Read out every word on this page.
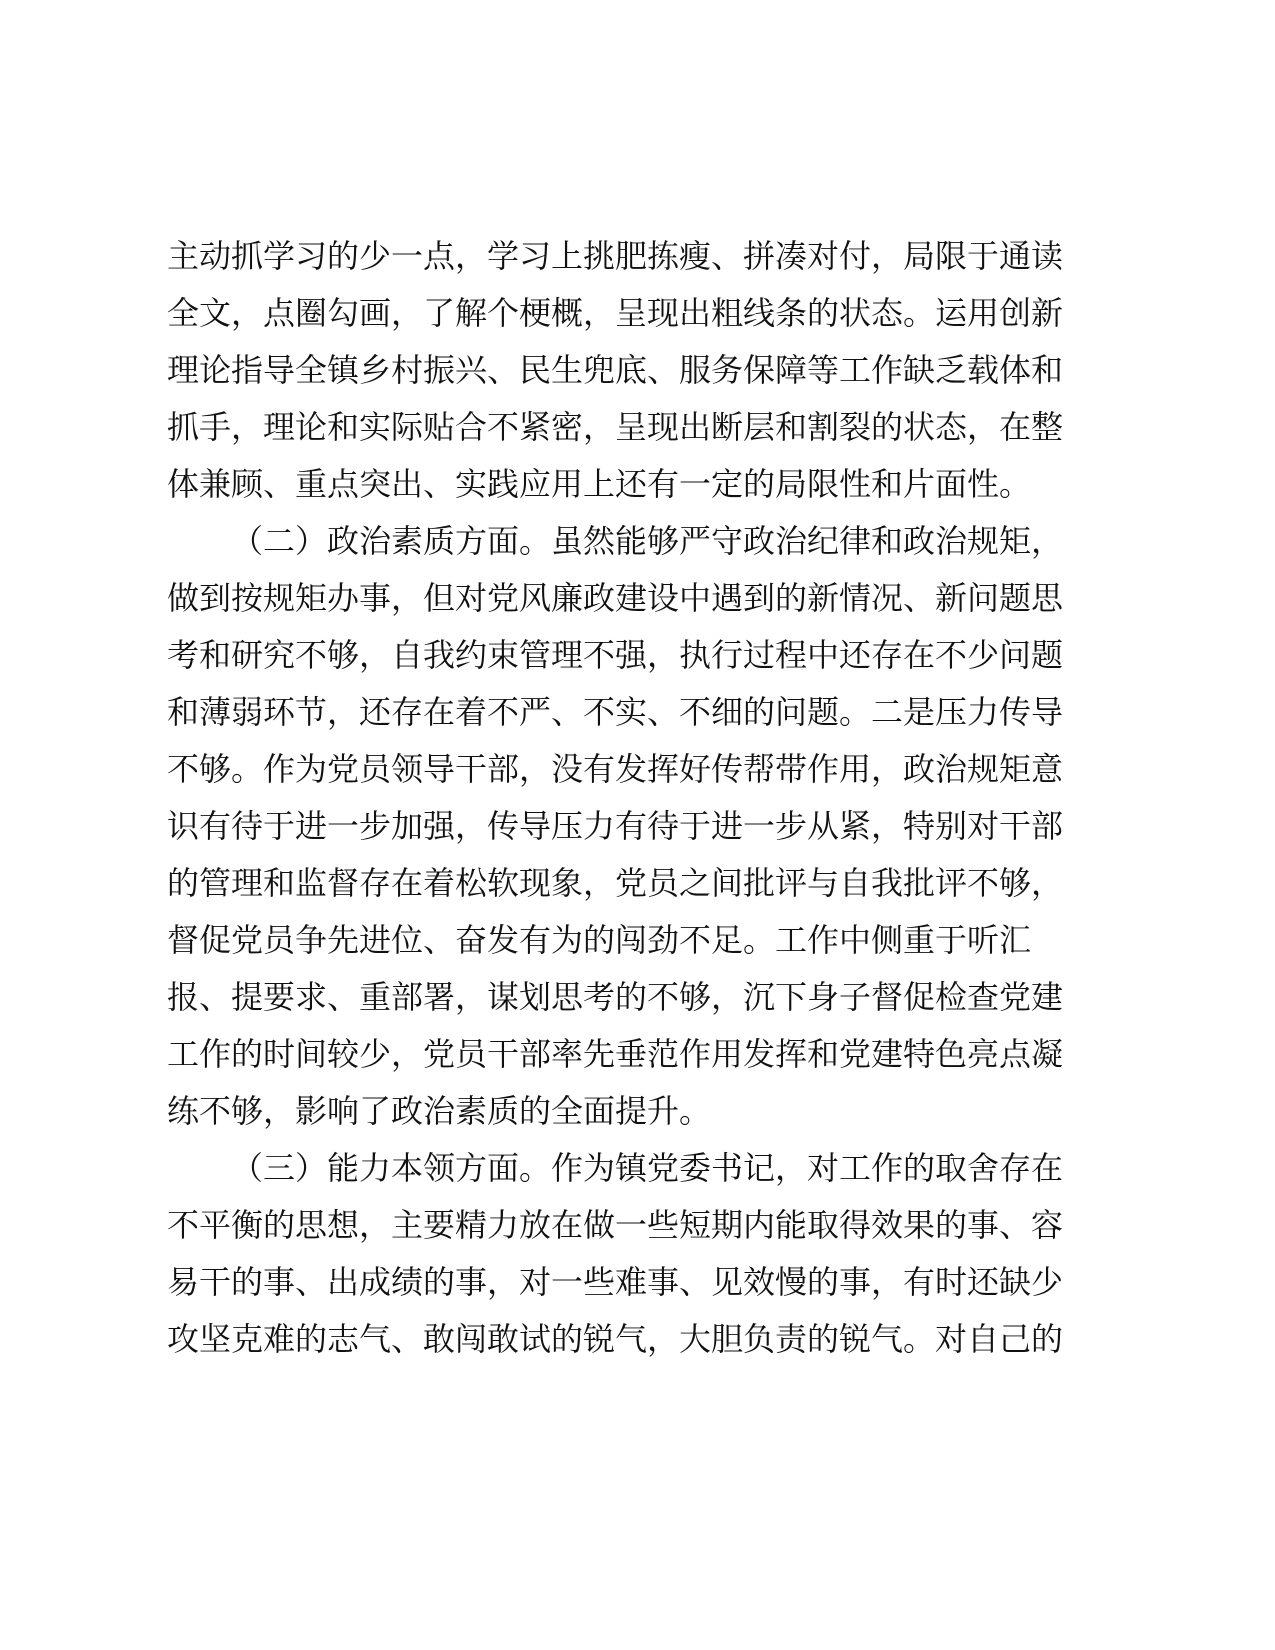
主动抓学习的少一点，学习上挑肥拣瘦、拼凑对付，局限于通读
全文，点圈勾画，了解个梗概，呈现出粗线条的状态。运用创新
理论指导全镇乡村振兴、民生兜底、服务保障等工作缺乏载体和
抓手，理论和实际贴合不紧密，呈现出断层和割裂的状态，在整
体兼顾、重点突出、实践应用上还有一定的局限性和片面性。
（二）政治素质方面。虽然能够严守政治纪律和政治规矩，
做到按规矩办事，但对党风廉政建设中遇到的新情况、新问题思
考和研究不够，自我约束管理不强，执行过程中还存在不少问题
和薄弱环节，还存在着不严、不实、不细的问题。二是压力传导
不够。作为党员领导干部，没有发挥好传帮带作用，政治规矩意
识有待于进一步加强，传导压力有待于进一步从紧，特别对干部
的管理和监督存在着松软现象，党员之间批评与自我批评不够，
督促党员争先进位、奋发有为的闯劲不足。工作中侧重于听汇
报、提要求、重部署，谋划思考的不够，沉下身子督促检查党建
工作的时间较少，党员干部率先垂范作用发挥和党建特色亮点凝
练不够，影响了政治素质的全面提升。
（三）能力本领方面。作为镇党委书记，对工作的取舍存在
不平衡的思想，主要精力放在做一些短期内能取得效果的事、容
易干的事、出成绩的事，对一些难事、见效慢的事，有时还缺少
攻坚克难的志气、敢闯敢试的锐气，大胆负责的锐气。对自己的
